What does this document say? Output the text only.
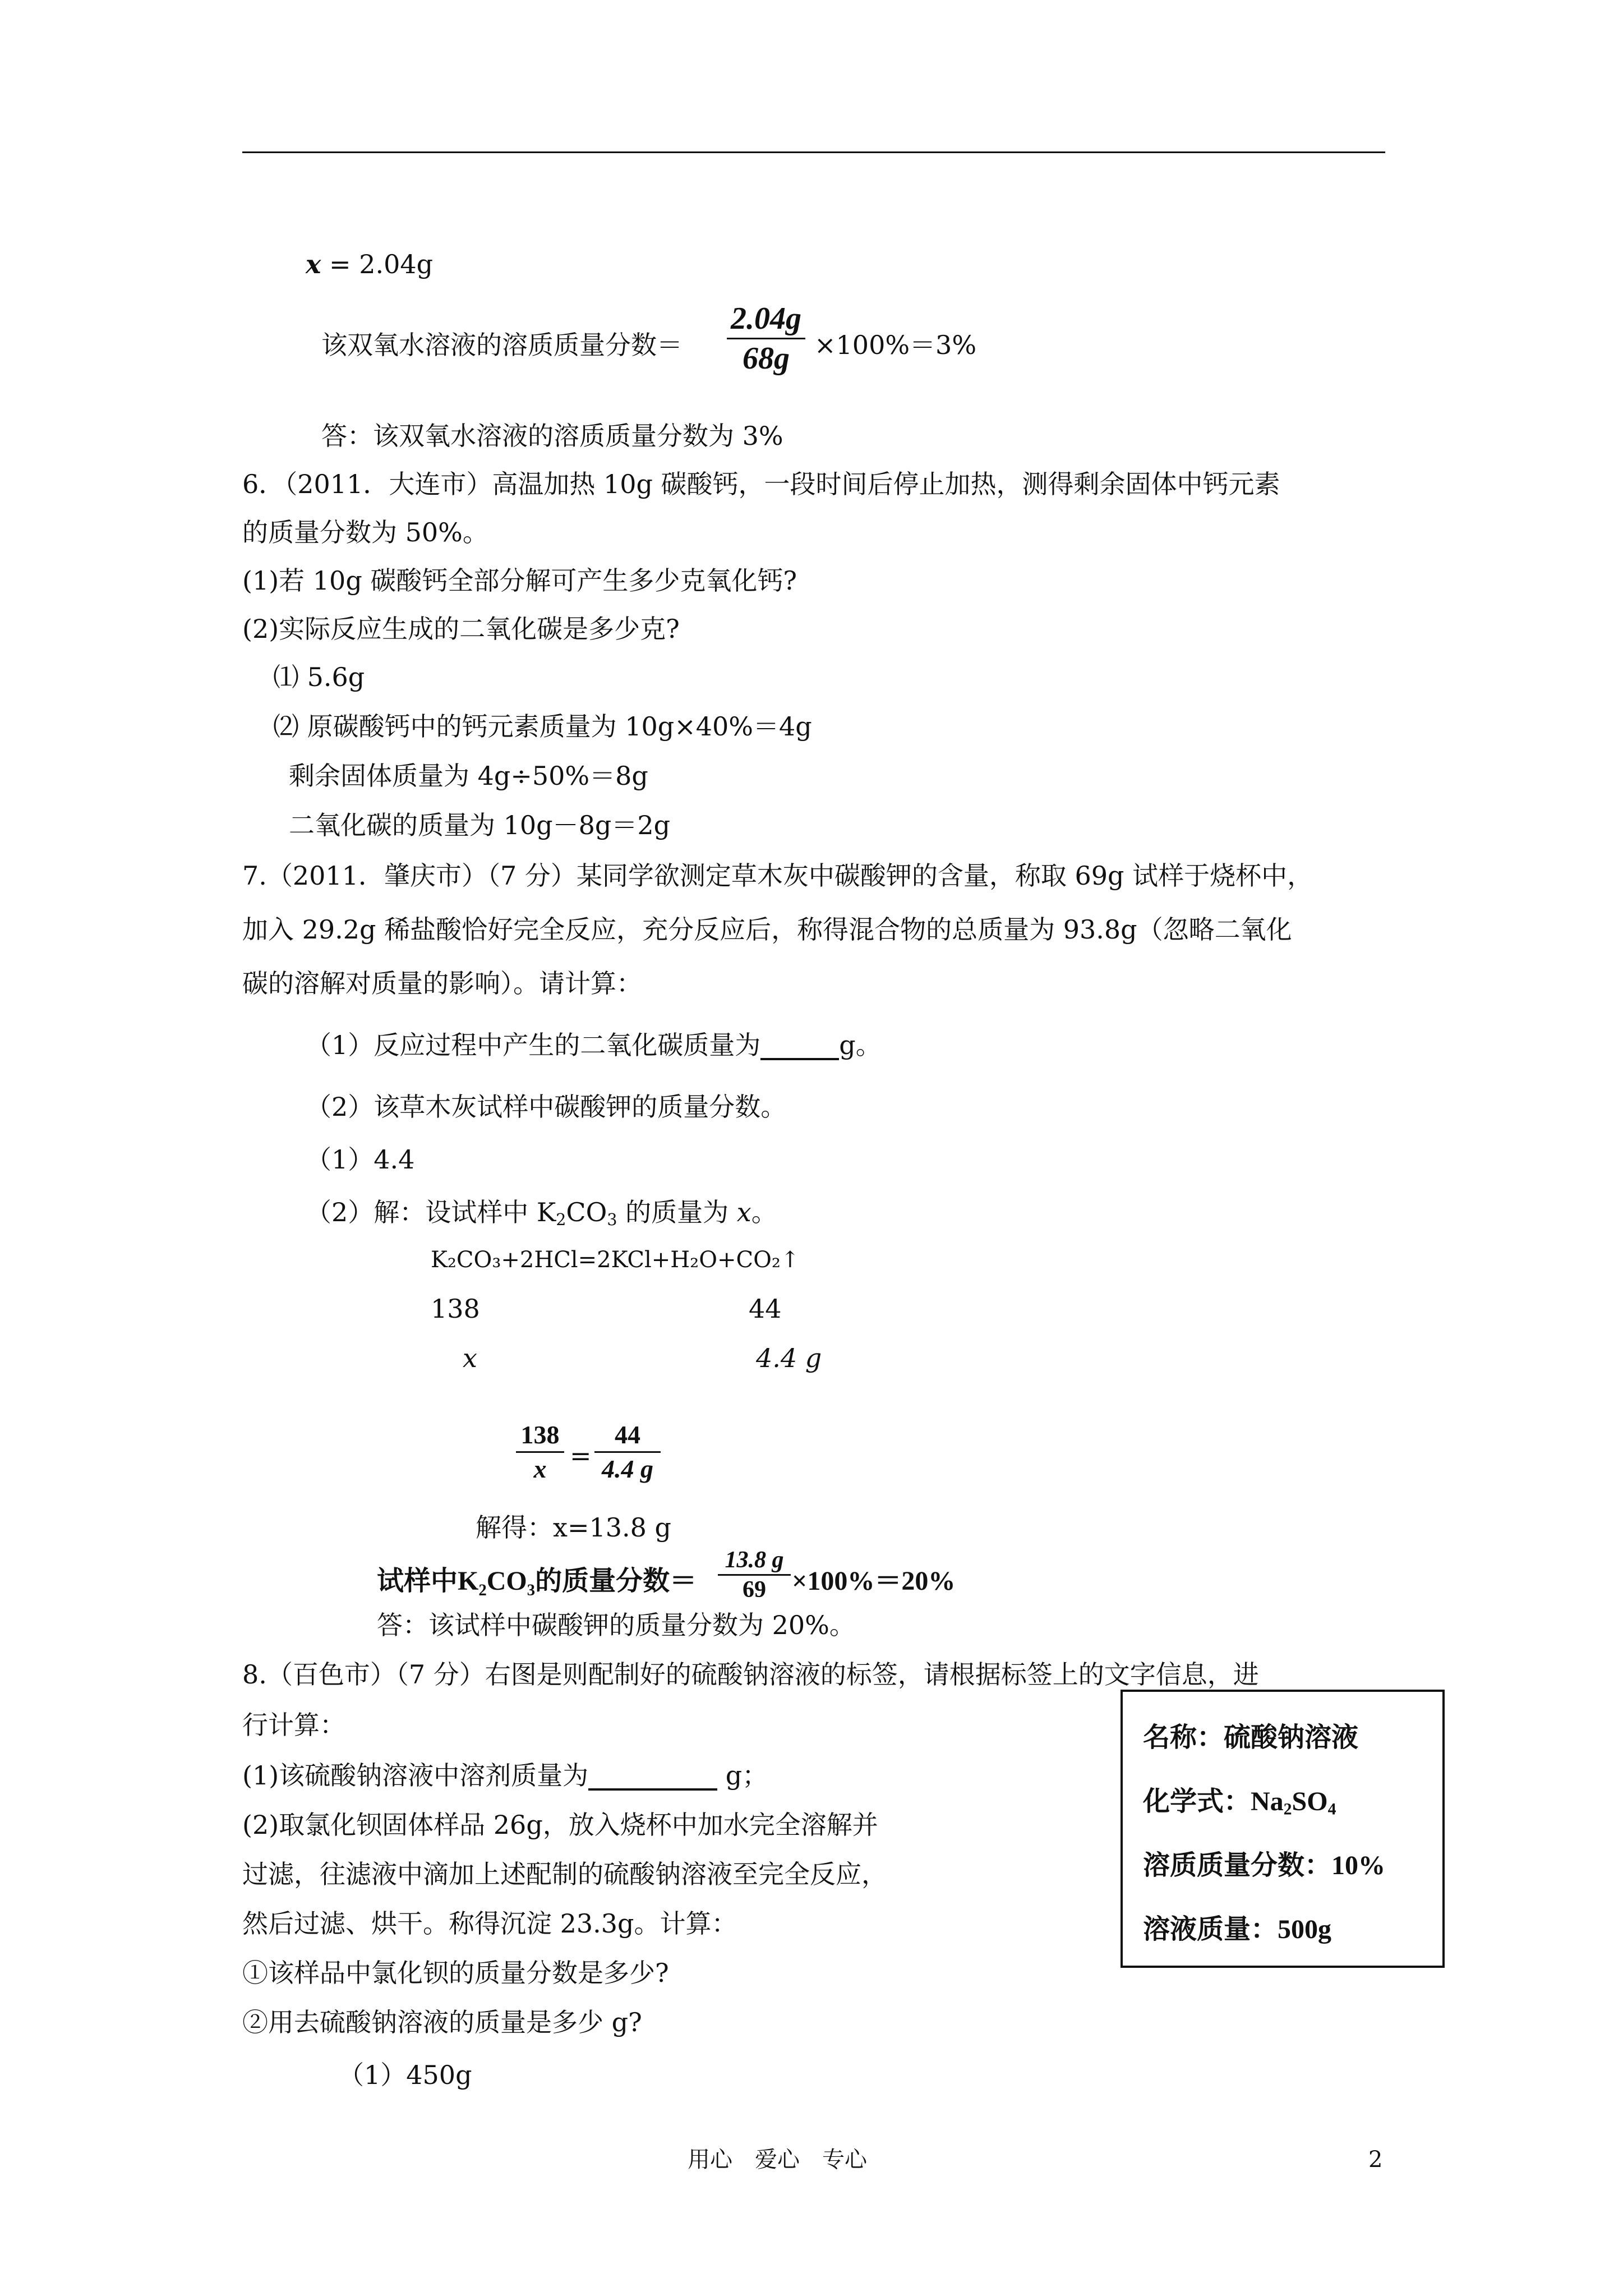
x = 2.04g
该双氧水溶液的溶质质量分数＝
2.04g
68g ×100%＝3%
答：该双氧水溶液的溶质质量分数为 3%
6．（2011．大连市）高温加热 10g 碳酸钙，一段时间后停止加热，测得剩余固体中钙元素
的质量分数为 50%。
(1)若 10g 碳酸钙全部分解可产生多少克氧化钙?
(2)实际反应生成的二氧化碳是多少克?
⑴ 5.6g
⑵ 原碳酸钙中的钙元素质量为 10g×40%＝4g
剩余固体质量为 4g÷50%＝8g
二氧化碳的质量为 10g－8g＝2g
7.（2011．肇庆市）（7 分）某同学欲测定草木灰中碳酸钾的含量，称取 69g 试样于烧杯中，
加入 29.2g 稀盐酸恰好完全反应，充分反应后，称得混合物的总质量为 93.8g（忽略二氧化
碳的溶解对质量的影响）。请计算：
（1）反应过程中产生的二氧化碳质量为	g。
（2）该草木灰试样中碳酸钾的质量分数。
（1）4.4
（2）解：设试样中 $K_2CO_3$ 的质量为 x。
K₂CO₃+2HCl=2KCl+H₂O+CO₂↑
138	44
x	4.4 g
138
x =
44
4.4 g
解得：x=13.8 g
试样中K₂CO₃的质量分数＝
13.8 g
69 ×100%＝20%
答：该试样中碳酸钾的质量分数为 20%。
8.（百色市）（7 分）右图是则配制好的硫酸钠溶液的标签，请根据标签上的文字信息，进
行计算：
(1)该硫酸钠溶液中溶剂质量为	g；
(2)取氯化钡固体样品 26g，放入烧杯中加水完全溶解并
过滤，往滤液中滴加上述配制的硫酸钠溶液至完全反应，
然后过滤、烘干。称得沉淀 23.3g。计算：
①该样品中氯化钡的质量分数是多少?
②用去硫酸钠溶液的质量是多少 g?
（1）450g
名称：硫酸钠溶液
化学式：$Na_2SO_4$
溶质质量分数：10%
溶液质量：500g
用心　爱心　专心	2
